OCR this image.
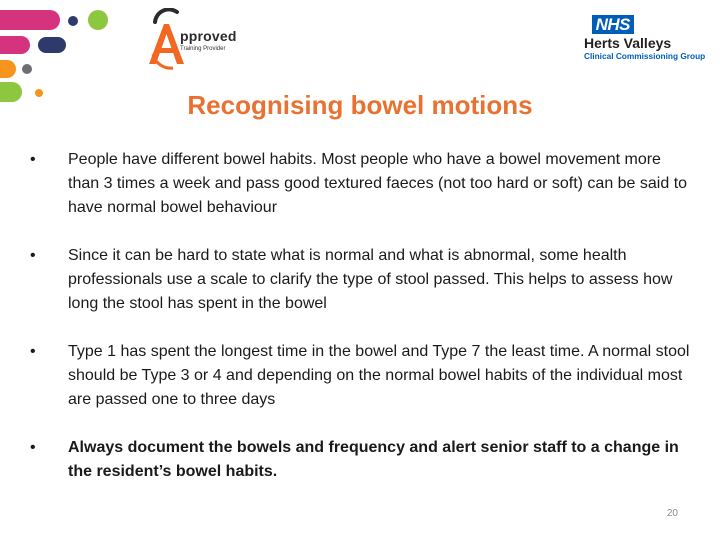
pproved
Training Provider
NHS
Herts Valleys
Clinical Commissioning Group
Recognising bowel motions
• People have different bowel habits. Most people who have a bowel movement more than 3 times a week and pass good textured faeces (not too hard or soft) can be said to have normal bowel behaviour
• Since it can be hard to state what is normal and what is abnormal, some health professionals use a scale to clarify the type of stool passed. This helps to assess how long the stool has spent in the bowel
• Type 1 has spent the longest time in the bowel and Type 7 the least time. A normal stool should be Type 3 or 4 and depending on the normal bowel habits of the individual most are passed one to three days
• Always document the bowels and frequency and alert senior staff to a change in the resident’s bowel habits.
20
